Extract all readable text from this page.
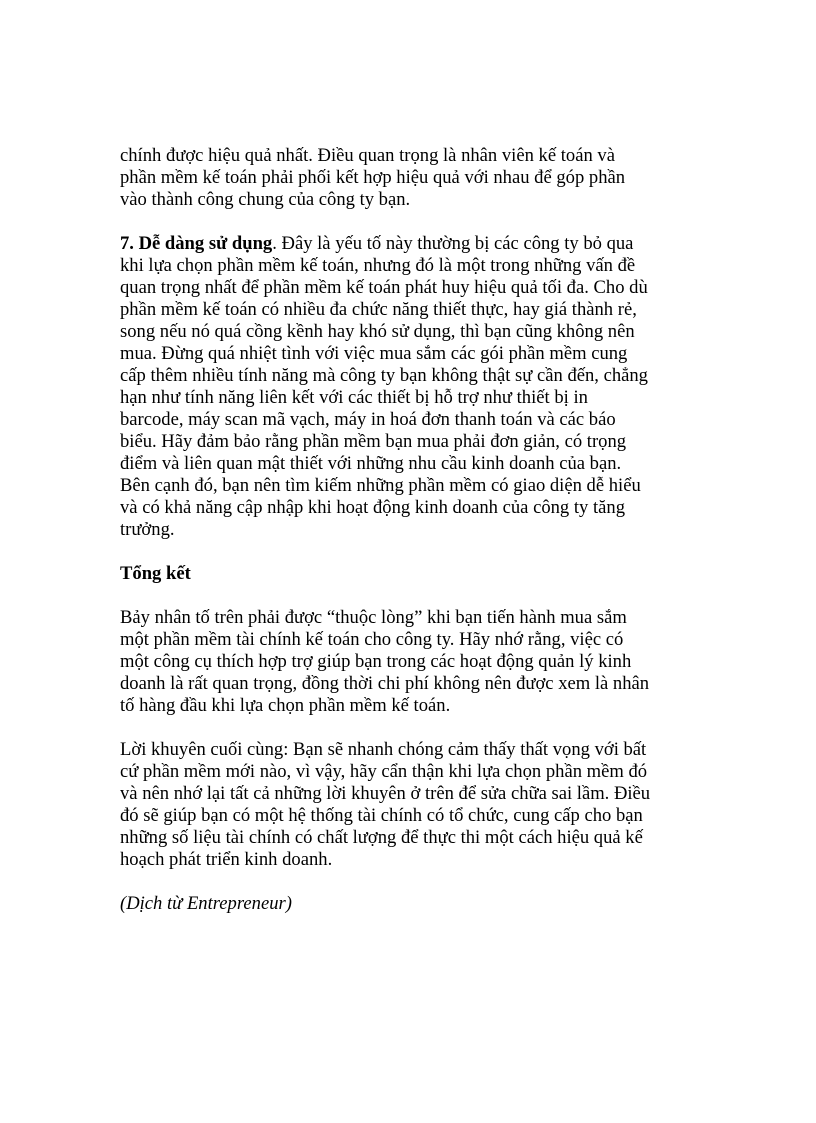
chính được hiệu quả nhất. Điều quan trọng là nhân viên kế toán và
phần mềm kế toán phải phối kết hợp hiệu quả với nhau để góp phần
vào thành công chung của công ty bạn.
7. Dễ dàng sử dụng. Đây là yếu tố này thường bị các công ty bỏ qua
khi lựa chọn phần mềm kế toán, nhưng đó là một trong những vấn đề
quan trọng nhất để phần mềm kế toán phát huy hiệu quả tối đa. Cho dù
phần mềm kế toán có nhiều đa chức năng thiết thực, hay giá thành rẻ,
song nếu nó quá cồng kềnh hay khó sử dụng, thì bạn cũng không nên
mua. Đừng quá nhiệt tình với việc mua sắm các gói phần mềm cung
cấp thêm nhiều tính năng mà công ty bạn không thật sự cần đến, chẳng
hạn như tính năng liên kết với các thiết bị hỗ trợ như thiết bị in
barcode, máy scan mã vạch, máy in hoá đơn thanh toán và các báo
biểu. Hãy đảm bảo rằng phần mềm bạn mua phải đơn giản, có trọng
điểm và liên quan mật thiết với những nhu cầu kinh doanh của bạn.
Bên cạnh đó, bạn nên tìm kiếm những phần mềm có giao diện dễ hiểu
và có khả năng cập nhập khi hoạt động kinh doanh của công ty tăng
trưởng.
Tổng kết
Bảy nhân tố trên phải được “thuộc lòng” khi bạn tiến hành mua sắm
một phần mềm tài chính kế toán cho công ty. Hãy nhớ rằng, việc có
một công cụ thích hợp trợ giúp bạn trong các hoạt động quản lý kinh
doanh là rất quan trọng, đồng thời chi phí không nên được xem là nhân
tố hàng đầu khi lựa chọn phần mềm kế toán.
Lời khuyên cuối cùng: Bạn sẽ nhanh chóng cảm thấy thất vọng với bất
cứ phần mềm mới nào, vì vậy, hãy cẩn thận khi lựa chọn phần mềm đó
và nên nhớ lại tất cả những lời khuyên ở trên để sửa chữa sai lầm. Điều
đó sẽ giúp bạn có một hệ thống tài chính có tổ chức, cung cấp cho bạn
những số liệu tài chính có chất lượng để thực thi một cách hiệu quả kế
hoạch phát triển kinh doanh.
(Dịch từ Entrepreneur)
